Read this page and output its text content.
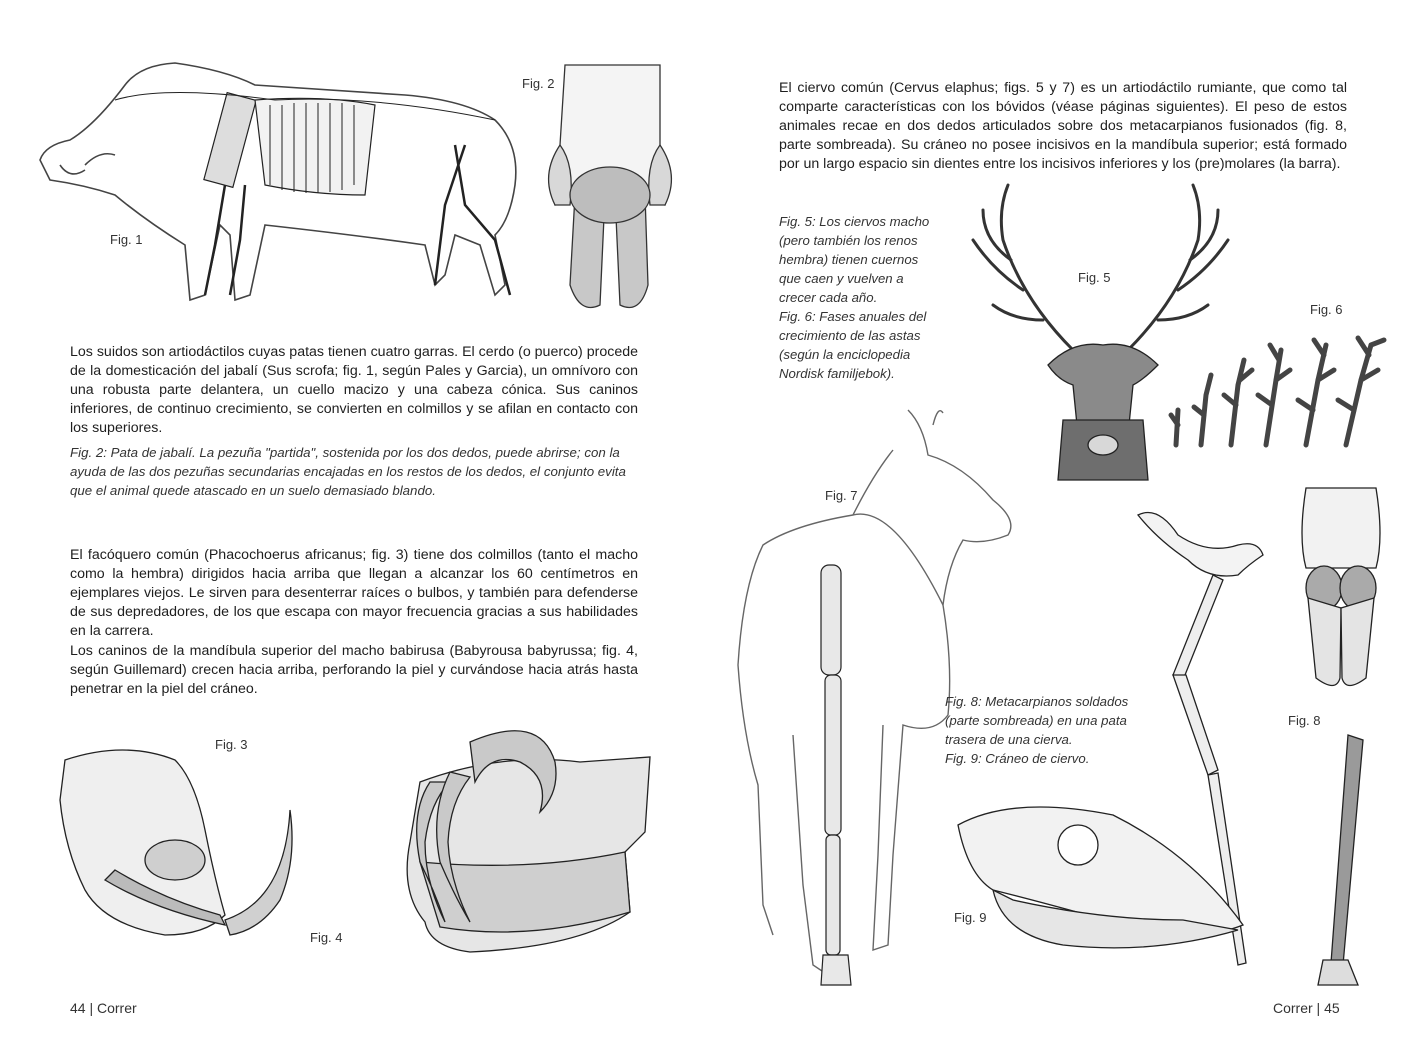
Fig. 1
Fig. 2
Los suidos son artiodáctilos cuyas patas tienen cuatro garras. El cerdo (o puerco) procede de la domesticación del jabalí (Sus scrofa; fig. 1, según Pales y Garcia), un omnívoro con una robusta parte delantera, un cuello macizo y una cabeza cónica. Sus caninos inferiores, de continuo crecimiento, se convierten en colmillos y se afilan en contacto con los superiores.
Fig. 2: Pata de jabalí. La pezuña "partida", sostenida por los dos dedos, puede abrirse; con la ayuda de las dos pezuñas secundarias encajadas en los restos de los dedos, el conjunto evita que el animal quede atascado en un suelo demasiado blando.
El facóquero común (Phacochoerus africanus; fig. 3) tiene dos colmillos (tanto el macho como la hembra) dirigidos hacia arriba que llegan a alcanzar los 60 centímetros en ejemplares viejos. Le sirven para desenterrar raíces o bulbos, y también para defenderse de sus depredadores, de los que escapa con mayor frecuencia gracias a sus habilidades en la carrera.
Los caninos de la mandíbula superior del macho babirusa (Babyrousa babyrussa; fig. 4, según Guillemard) crecen hacia arriba, perforando la piel y curvándose hacia atrás hasta penetrar en la piel del cráneo.
Fig. 3
Fig. 4
44 | Correr
El ciervo común (Cervus elaphus; figs. 5 y 7) es un artiodáctilo rumiante, que como tal comparte características con los bóvidos (véase páginas siguientes). El peso de estos animales recae en dos dedos articulados sobre dos metacarpianos fusionados (fig. 8, parte sombreada). Su cráneo no posee incisivos en la mandíbula superior; está formado por un largo espacio sin dientes entre los incisivos inferiores y los (pre)molares (la barra).

Fig. 5: Los ciervos macho

(pero también los renos

hembra) tienen cuernos

que caen y vuelven a

crecer cada año.

Fig. 6: Fases anuales del

crecimiento de las astas

(según la enciclopedia

Nordisk familjebok).

Fig. 5
Fig. 6
Fig. 7

Fig. 8: Metacarpianos soldados

(parte sombreada) en una pata

trasera de una cierva.

Fig. 9: Cráneo de ciervo.

Fig. 8
Fig. 9
Correr | 45
